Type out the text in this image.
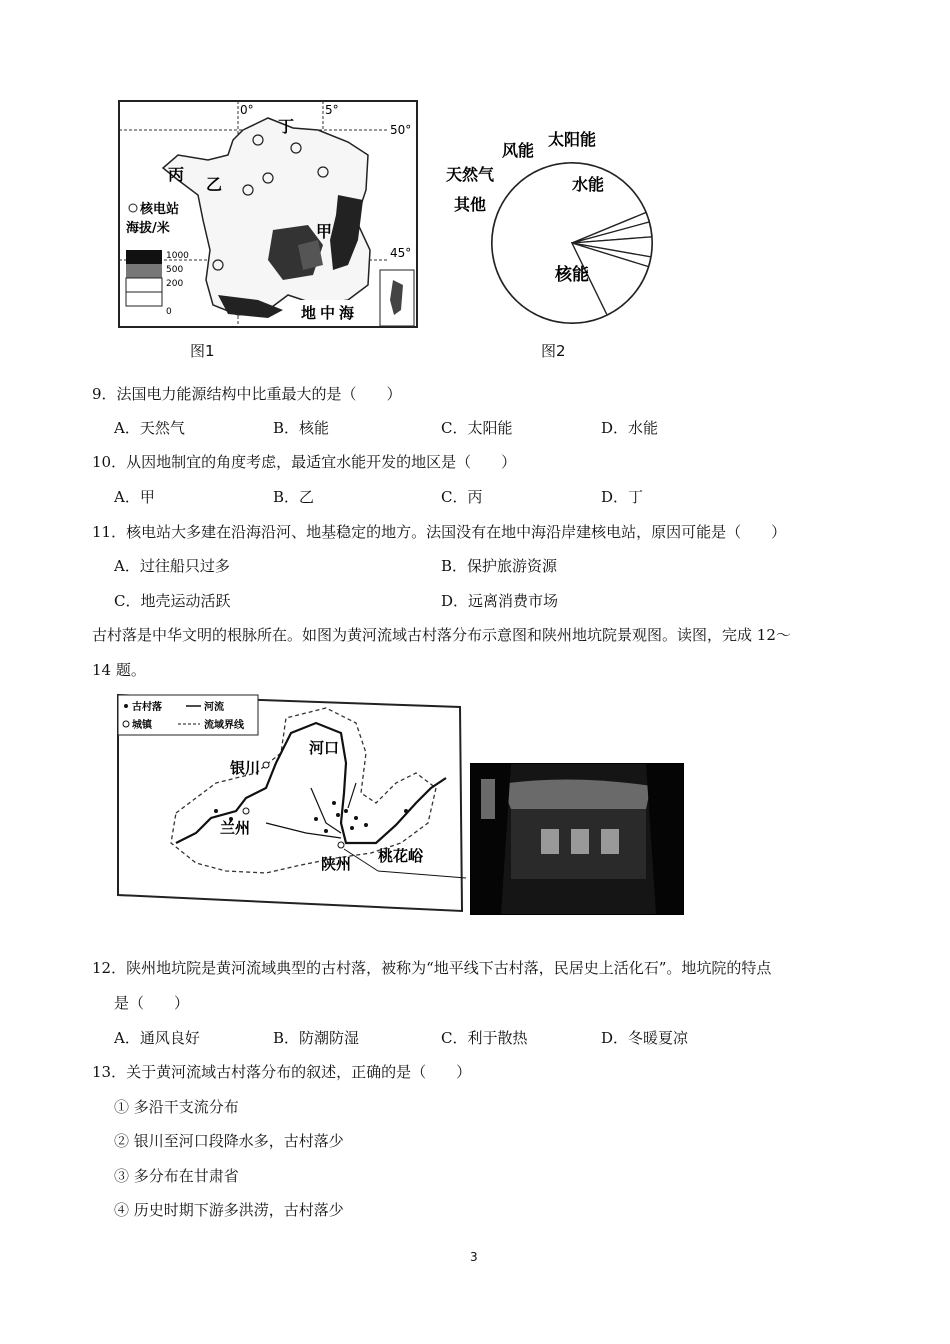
核电站
海拔/米
1000
500
200
0
0°	5°
50°
45°
甲
乙
丙
丁
地中海
图1
核能
其他
天然气
风能
太阳能
水能
图2
9．法国电力能源结构中比重最大的是（　　）
A．天然气	B．核能	C．太阳能	D．水能
10．从因地制宜的角度考虑，最适宜水能开发的地区是（　　）
A．甲	B．乙	C．丙	D．丁
11．核电站大多建在沿海沿河、地基稳定的地方。法国没有在地中海沿岸建核电站，原因可能是（　　）
A．过往船只过多	B．保护旅游资源
C．地壳运动活跃	D．远离消费市场
古村落是中华文明的根脉所在。如图为黄河流域古村落分布示意图和陕州地坑院景观图。读图，完成 12～
14 题。
古村落	河流
城镇	流域界线
河口
银川
兰州
陕州 桃花峪
12．陕州地坑院是黄河流域典型的古村落，被称为“地平线下古村落，民居史上活化石”。地坑院的特点
是（　　）
A．通风良好	B．防潮防湿	C．利于散热	D．冬暖夏凉
13．关于黄河流域古村落分布的叙述，正确的是（　　）
① 多沿干支流分布
② 银川至河口段降水多，古村落少
③ 多分布在甘肃省
④ 历史时期下游多洪涝，古村落少
3
